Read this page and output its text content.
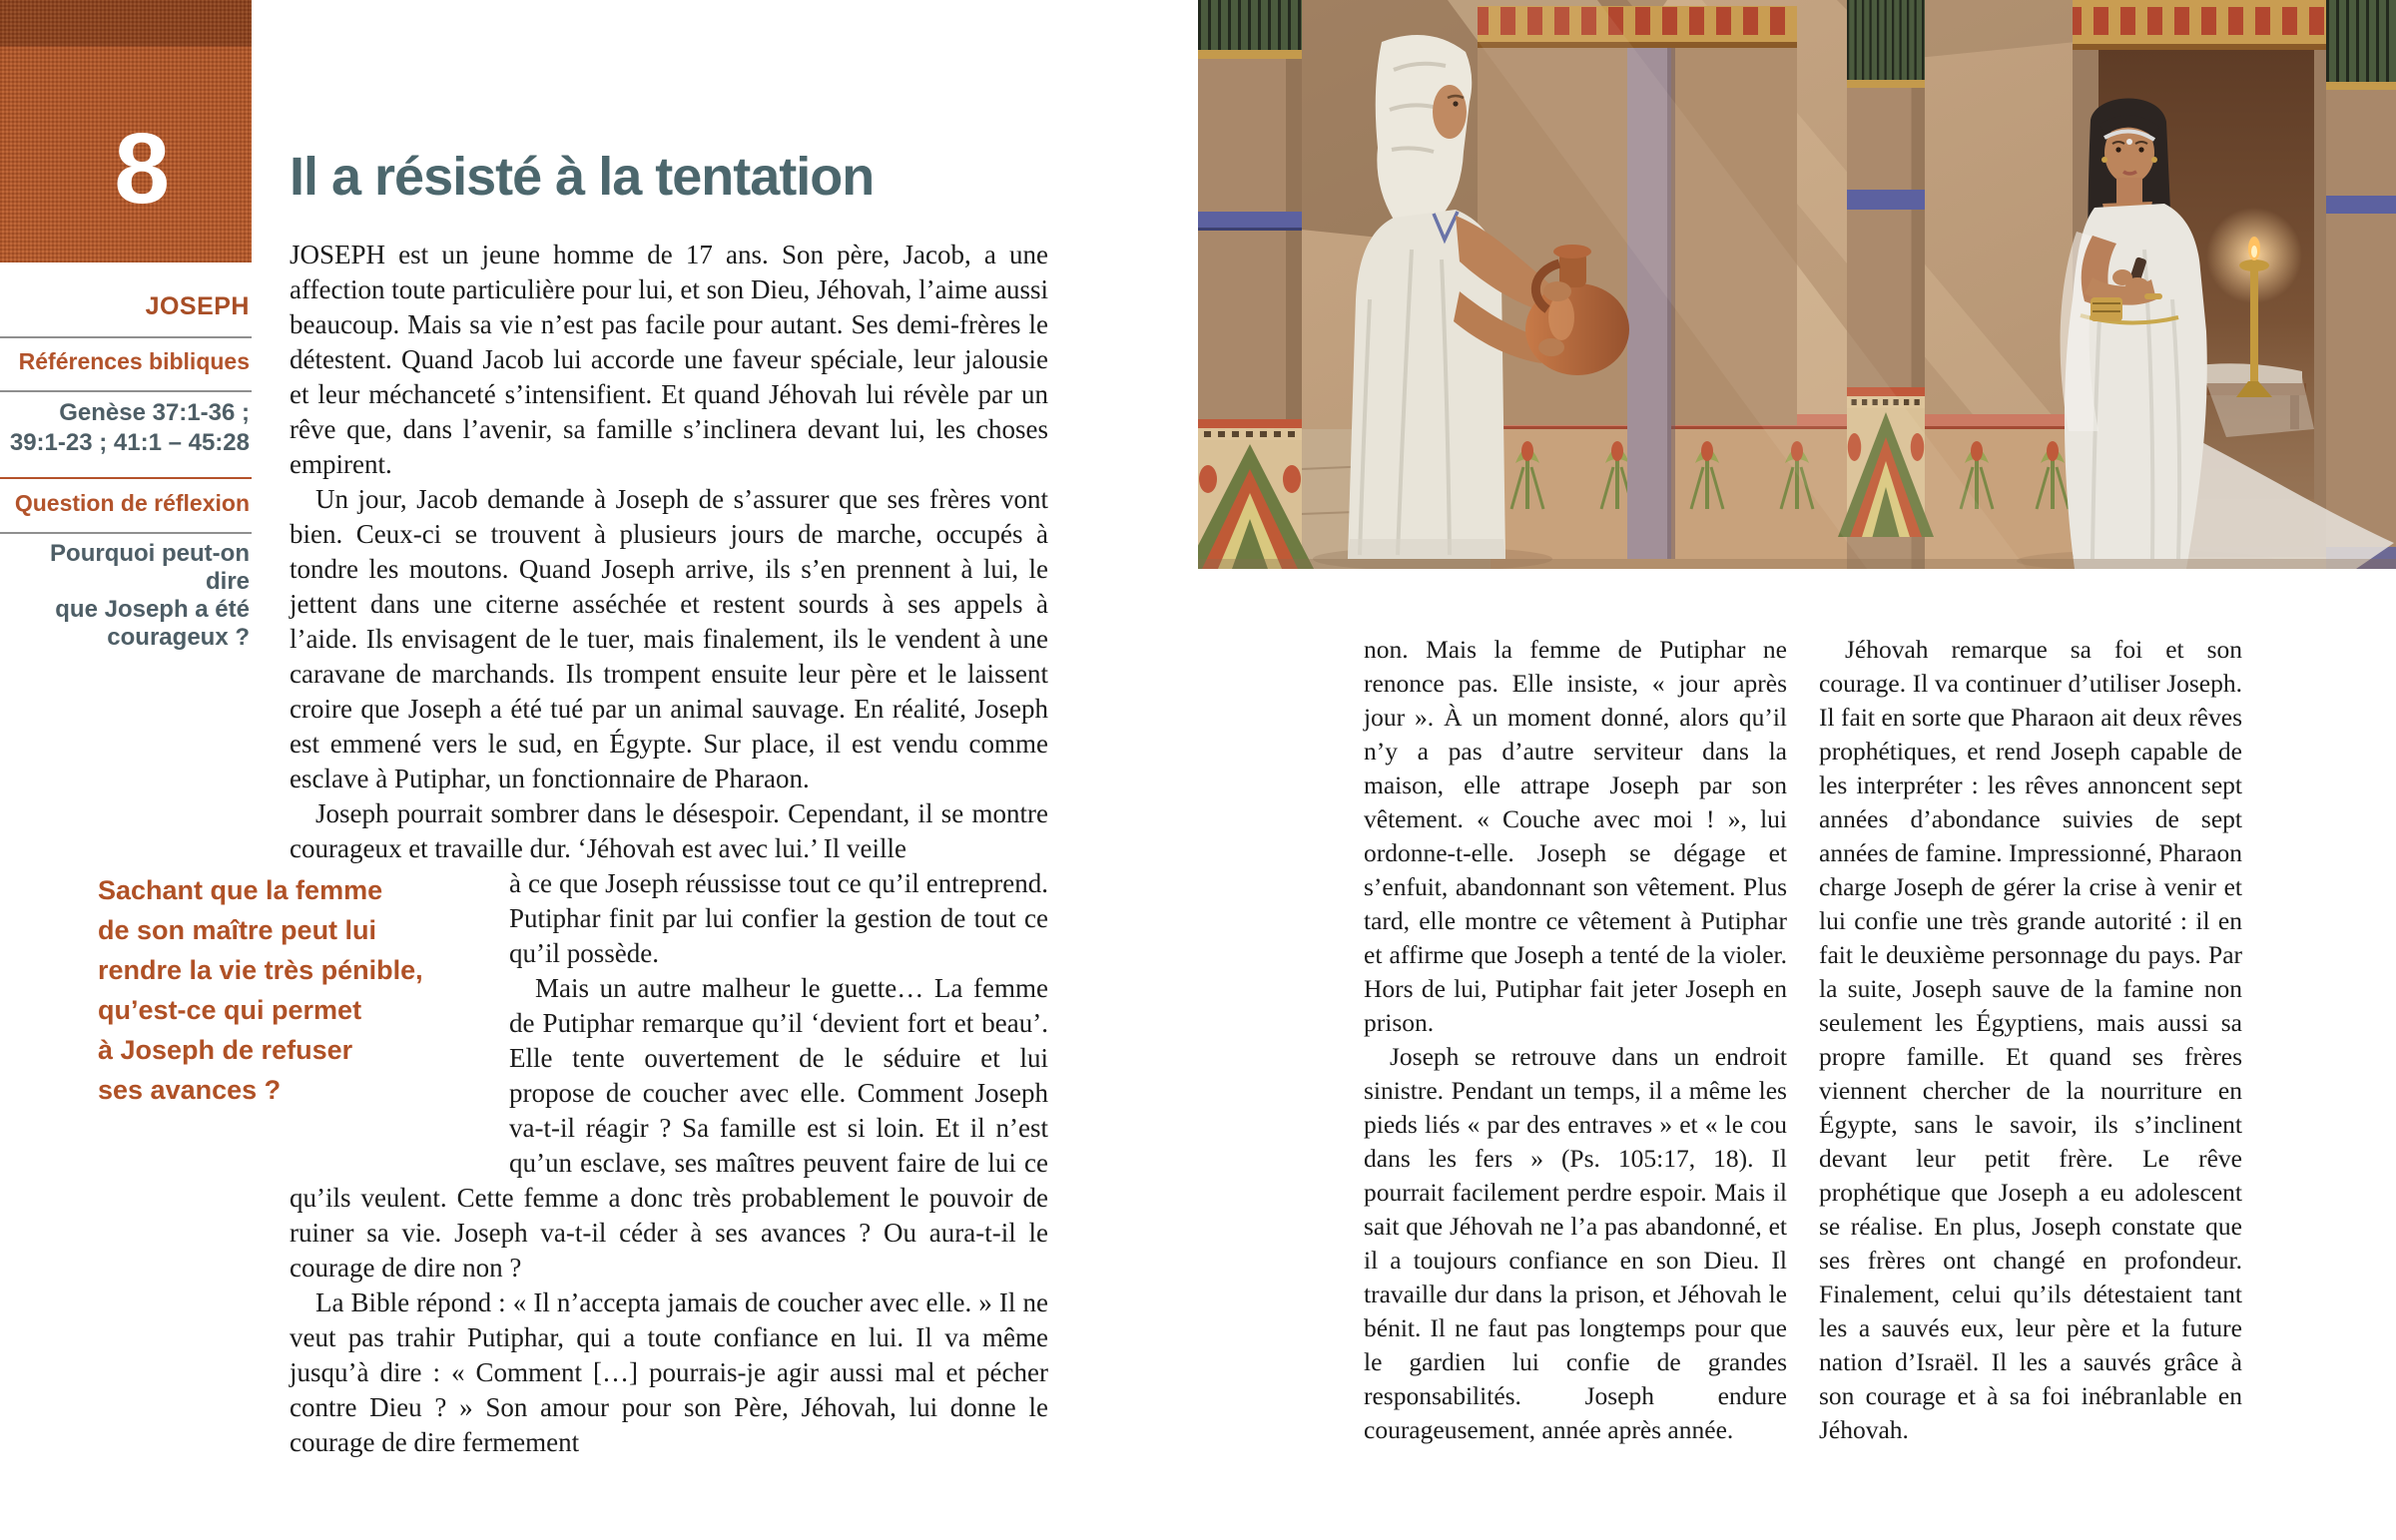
8
JOSEPH
Références bibliques
Genèse 37:1-36 ;
39:1-23 ; 41:1 – 45:28
Question de réflexion
Pourquoi peut-on dire
que Joseph a été
courageux ?
Il a résisté à la tentation

JOSEPH est un jeune homme de 17 ans. Son père, Jacob, a une affection toute particulière pour lui, et son Dieu, Jéhovah, l’aime aussi beaucoup. Mais sa vie n’est pas facile pour autant. Ses demi-frères le détestent. Quand Jacob lui accorde une faveur spéciale, leur jalousie et leur méchanceté s’intensifient. Et quand Jéhovah lui révèle par un rêve que, dans l’avenir, sa famille s’inclinera devant lui, les choses empirent.

Un jour, Jacob demande à Joseph de s’assurer que ses frères vont bien. Ceux-ci se trouvent à plusieurs jours de marche, occupés à tondre les moutons. Quand Joseph arrive, ils s’en prennent à lui, le jettent dans une citerne asséchée et restent sourds à ses appels à l’aide. Ils envisagent de le tuer, mais finalement, ils le vendent à une caravane de marchands. Ils trompent ensuite leur père et le laissent croire que Joseph a été tué par un animal sauvage. En réalité, Joseph est emmené vers le sud, en Égypte. Sur place, il est vendu comme esclave à Putiphar, un fonctionnaire de Pharaon.

Joseph pourrait sombrer dans le désespoir. Cependant, il se montre courageux et travaille dur. ‘Jéhovah est avec lui.’ Il veille

Sachant que la femme
de son maître peut lui
rendre la vie très pénible,
qu’est-ce qui permet
à Joseph de refuser
ses avances ?

à ce que Joseph réussisse tout ce qu’il entreprend. Putiphar finit par lui confier la gestion de tout ce qu’il possède.

Mais un autre malheur le guette… La femme de Putiphar remarque qu’il ‘devient fort et beau’. Elle tente ouvertement de le séduire et lui propose de coucher avec elle. Comment Joseph va-t-il réagir ? Sa famille est si loin. Et il n’est qu’un esclave, ses maîtres peuvent faire de lui ce qu’ils veulent. Cette femme a donc très probablement le pouvoir de ruiner sa vie. Joseph va-t-il céder à ses avances ? Ou aura-t-il le courage de dire non ?

La Bible répond : « Il n’accepta jamais de coucher avec elle. » Il ne veut pas trahir Putiphar, qui a toute confiance en lui. Il va même jusqu’à dire : « Comment […] pourrais-je agir aussi mal et pécher contre Dieu ? » Son amour pour son Père, Jéhovah, lui donne le courage de dire fermement

non. Mais la femme de Putiphar ne renonce pas. Elle insiste, « jour après jour ». À un moment donné, alors qu’il n’y a pas d’autre serviteur dans la maison, elle attrape Joseph par son vêtement. « Couche avec moi ! », lui ordonne-t-elle. Joseph se dégage et s’enfuit, abandonnant son vêtement. Plus tard, elle montre ce vêtement à Putiphar et affirme que Joseph a tenté de la violer. Hors de lui, Putiphar fait jeter Joseph en prison.

Joseph se retrouve dans un endroit sinistre. Pendant un temps, il a même les pieds liés « par des entraves » et « le cou dans les fers » (Ps. 105:17, 18). Il pourrait facilement perdre espoir. Mais il sait que Jéhovah ne l’a pas abandonné, et il a toujours confiance en son Dieu. Il travaille dur dans la prison, et Jéhovah le bénit. Il ne faut pas longtemps pour que le gardien lui confie de grandes responsabilités. Joseph endure courageusement, année après année.

Jéhovah remarque sa foi et son courage. Il va continuer d’utiliser Joseph. Il fait en sorte que Pharaon ait deux rêves prophétiques, et rend Joseph capable de les interpréter : les rêves annoncent sept années d’abondance suivies de sept années de famine. Impressionné, Pharaon charge Joseph de gérer la crise à venir et lui confie une très grande autorité : il en fait le deuxième personnage du pays. Par la suite, Joseph sauve de la famine non seulement les Égyptiens, mais aussi sa propre famille. Et quand ses frères viennent chercher de la nourriture en Égypte, sans le savoir, ils s’inclinent devant leur petit frère. Le rêve prophétique que Joseph a eu adolescent se réalise. En plus, Joseph constate que ses frères ont changé en profondeur. Finalement, celui qu’ils détestaient tant les a sauvés eux, leur père et la future nation d’Israël. Il les a sauvés grâce à son courage et à sa foi inébranlable en Jéhovah.
